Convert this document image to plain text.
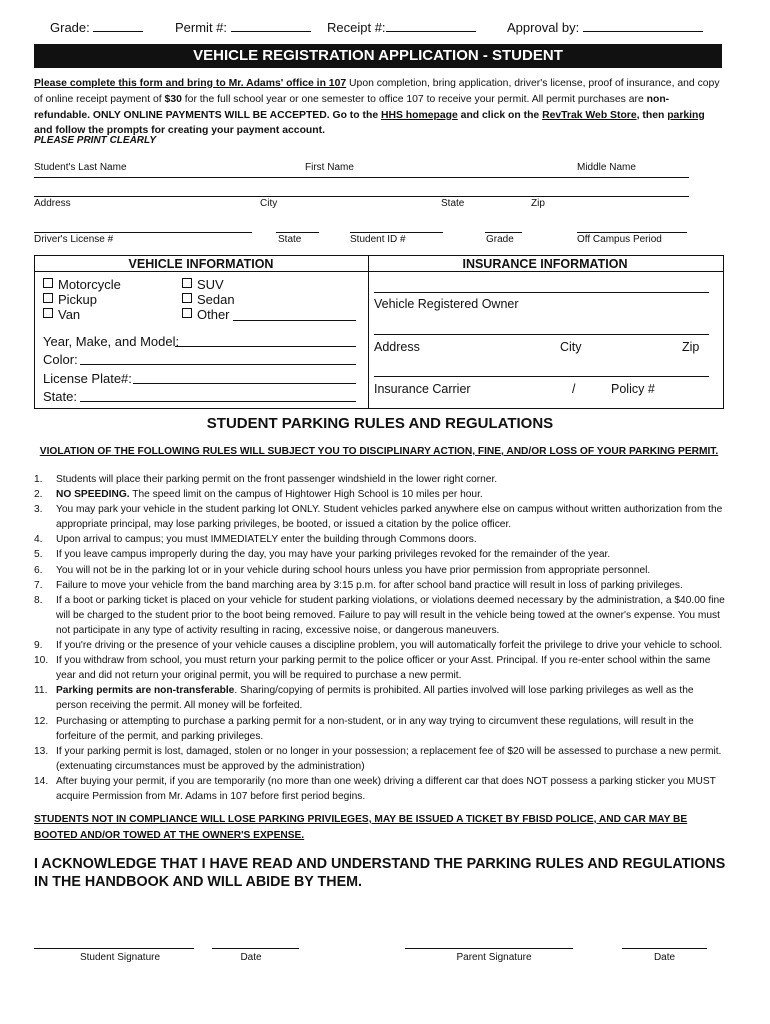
Grade:	Permit #:	Receipt #:	Approval by:
VEHICLE REGISTRATION APPLICATION - STUDENT
Please complete this form and bring to Mr. Adams' office in 107 Upon completion, bring application, driver's license, proof of insurance, and copy of online receipt payment of $30 for the full school year or one semester to office 107 to receive your permit. All permit purchases are non-refundable. ONLY ONLINE PAYMENTS WILL BE ACCEPTED. Go to the HHS homepage and click on the RevTrak Web Store, then parking and follow the prompts for creating your payment account.
PLEASE PRINT CLEARLY
Student's Last Name	First Name	Middle Name
Address	City	State	Zip
Driver's License #	State	Student ID #	Grade	Off Campus Period
VEHICLE INFORMATION	INSURANCE INFORMATION
Motorcycle
Pickup
Van
SUV
Sedan
Other
Year, Make, and Model:
Color:
License Plate#:
State:
Vehicle Registered Owner
Address	City	Zip
Insurance Carrier	/	Policy #
STUDENT PARKING RULES AND REGULATIONS
VIOLATION OF THE FOLLOWING RULES WILL SUBJECT YOU TO DISCIPLINARY ACTION, FINE, AND/OR LOSS OF YOUR PARKING PERMIT.
1.	Students will place their parking permit on the front passenger windshield in the lower right corner.
2.	NO SPEEDING. The speed limit on the campus of Hightower High School is 10 miles per hour.
3.	You may park your vehicle in the student parking lot ONLY. Student vehicles parked anywhere else on campus without written authorization from the appropriate principal, may lose parking privileges, be booted, or issued a citation by the police officer.
4.	Upon arrival to campus; you must IMMEDIATELY enter the building through Commons doors.
5.	If you leave campus improperly during the day, you may have your parking privileges revoked for the remainder of the year.
6.	You will not be in the parking lot or in your vehicle during school hours unless you have prior permission from appropriate personnel.
7.	Failure to move your vehicle from the band marching area by 3:15 p.m. for after school band practice will result in loss of parking privileges.
8.	If a boot or parking ticket is placed on your vehicle for student parking violations, or violations deemed necessary by the administration, a $40.00 fine will be charged to the student prior to the boot being removed. Failure to pay will result in the vehicle being towed at the owner's expense. You must not participate in any type of activity resulting in racing, excessive noise, or dangerous maneuvers.
9.	If you're driving or the presence of your vehicle causes a discipline problem, you will automatically forfeit the privilege to drive your vehicle to school.
10. If you withdraw from school, you must return your parking permit to the police officer or your Asst. Principal. If you re-enter school within the same year and did not return your original permit, you will be required to purchase a new permit.
11. Parking permits are non-transferable. Sharing/copying of permits is prohibited. All parties involved will lose parking privileges as well as the person receiving the permit. All money will be forfeited.
12. Purchasing or attempting to purchase a parking permit for a non-student, or in any way trying to circumvent these regulations, will result in the forfeiture of the permit, and parking privileges.
13. If your parking permit is lost, damaged, stolen or no longer in your possession; a replacement fee of $20 will be assessed to purchase a new permit. (extenuating circumstances must be approved by the administration)
14. After buying your permit, if you are temporarily (no more than one week) driving a different car that does NOT possess a parking sticker you MUST acquire Permission from Mr. Adams in 107 before first period begins.
STUDENTS NOT IN COMPLIANCE WILL LOSE PARKING PRIVILEGES, MAY BE ISSUED A TICKET BY FBISD POLICE, AND CAR MAY BE BOOTED AND/OR TOWED AT THE OWNER'S EXPENSE.
I ACKNOWLEDGE THAT I HAVE READ AND UNDERSTAND THE PARKING RULES AND REGULATIONS IN THE HANDBOOK AND WILL ABIDE BY THEM.
Student Signature	Date	Parent Signature	Date
